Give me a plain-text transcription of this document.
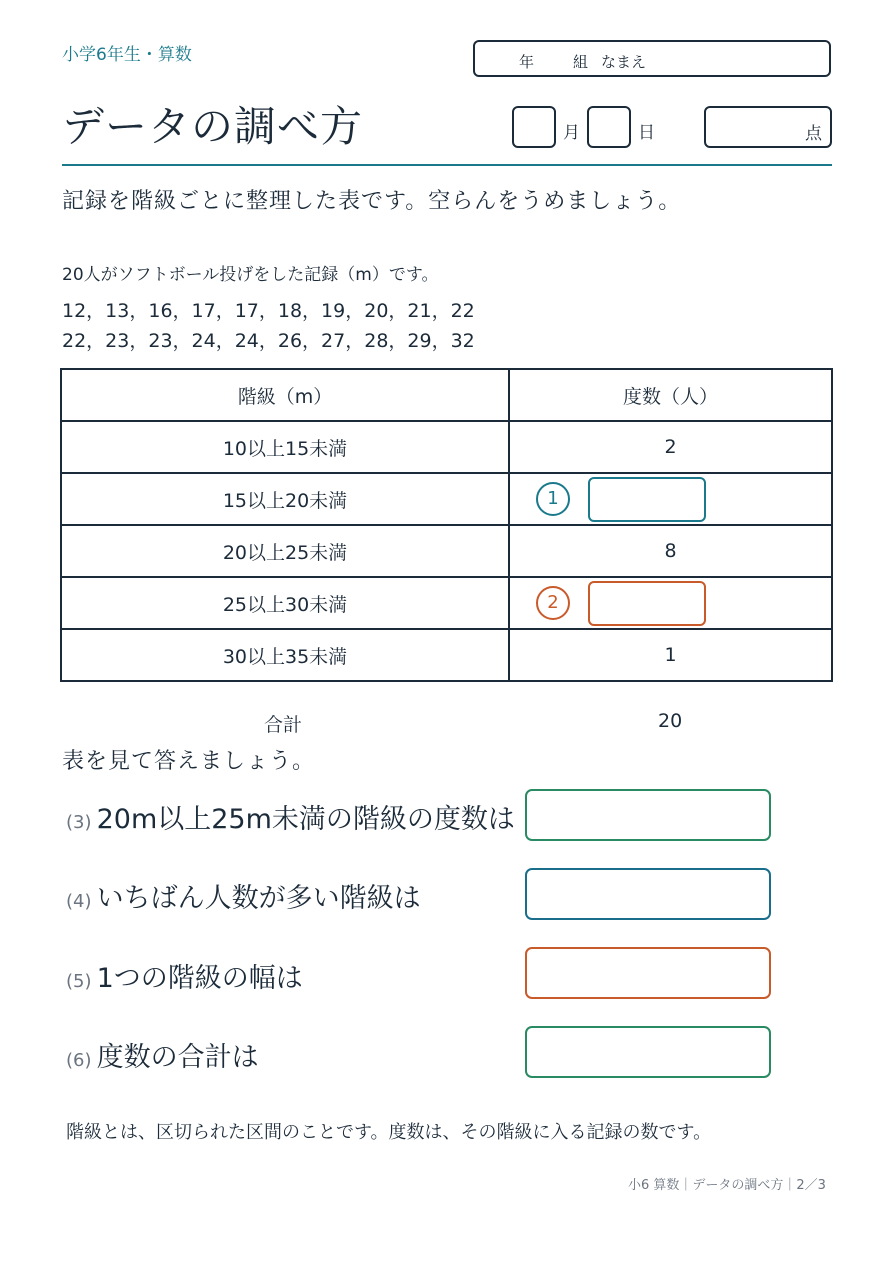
小学6年生・算数	年	組 なまえ
データの調べ方	月	日	点
記録を階級ごとに整理した表です。空らんをうめましょう。
20人がソフトボール投げをした記録（m）です。
12，13，16，17，17，18，19，20，21，22
22，23，23，24，24，26，27，28，29，32
階級（m）	度数（人）
10以上15未満	2
15以上20未満	1

20以上25未満	8
25以上30未満	2

30以上35未満	1
合計	20
表を見て答えましょう。
(3) 20m以上25m未満の階級の度数は
(4) いちばん人数が多い階級は
(5) 1つの階級の幅は
(6) 度数の合計は
階級とは、区切られた区間のことです。度数は、その階級に入る記録の数です。
小6 算数｜データの調べ方｜2／3
